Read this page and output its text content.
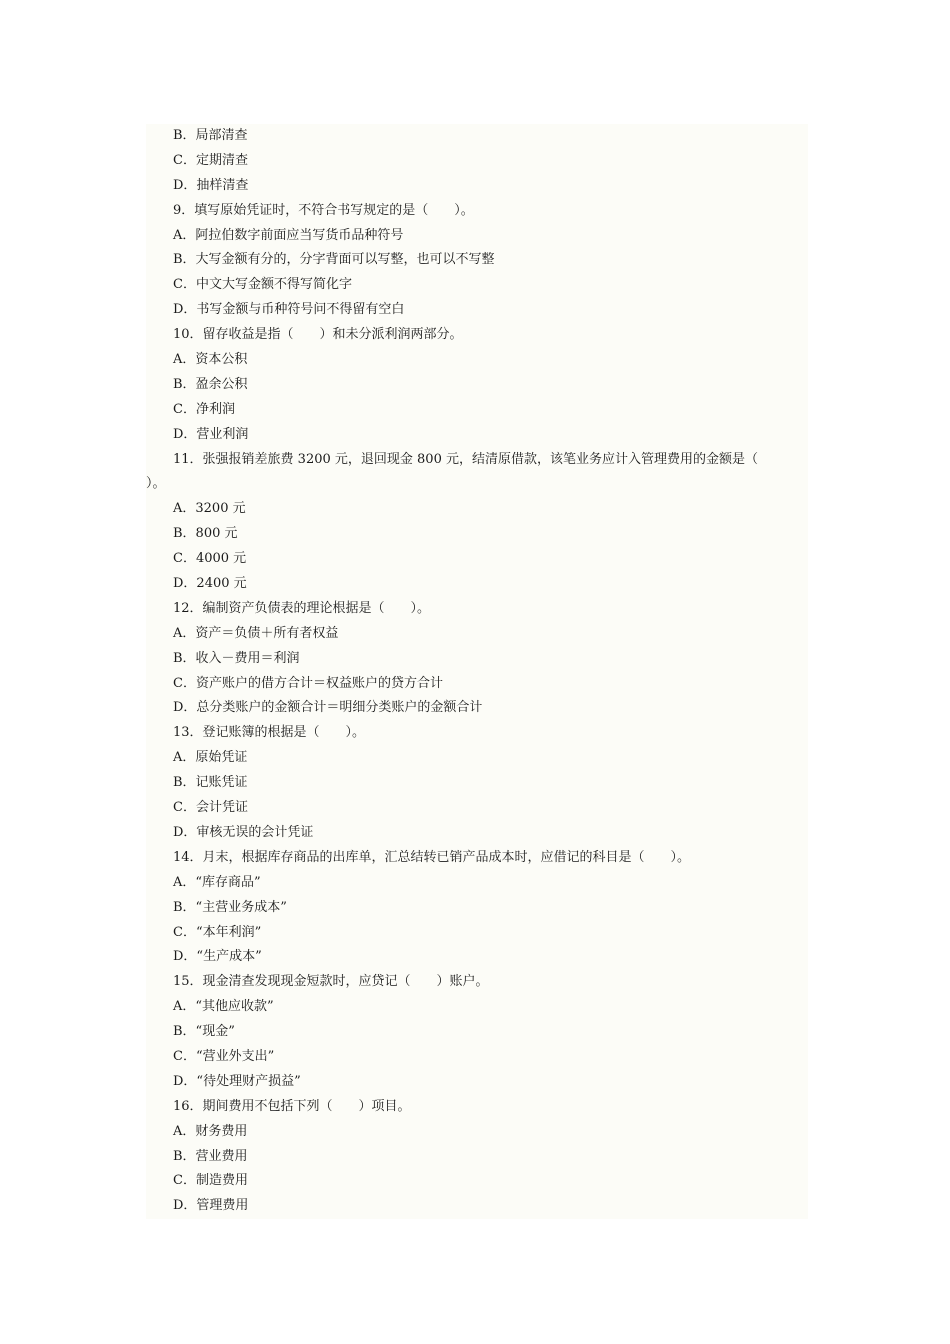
B．局部清查
C．定期清查
D．抽样清查
9．填写原始凭证时，不符合书写规定的是（　　）。
A．阿拉伯数字前面应当写货币品种符号
B．大写金额有分的，分字背面可以写整，也可以不写整
C．中文大写金额不得写简化字
D．书写金额与币种符号问不得留有空白
10．留存收益是指（　　）和未分派利润两部分。
A．资本公积
B．盈余公积
C．净利润
D．营业利润
11．张强报销差旅费 3200 元，退回现金 800 元，结清原借款，该笔业务应计入管理费用的金额是（
）。
A．3200 元
B．800 元
C．4000 元
D．2400 元
12．编制资产负债表的理论根据是（　　）。
A．资产＝负债＋所有者权益
B．收入－费用＝利润
C．资产账户的借方合计＝权益账户的贷方合计
D．总分类账户的金额合计＝明细分类账户的金额合计
13．登记账簿的根据是（　　）。
A．原始凭证
B．记账凭证
C．会计凭证
D．审核无误的会计凭证
14．月末，根据库存商品的出库单，汇总结转已销产品成本时，应借记的科目是（　　）。
A．“库存商品”
B．“主营业务成本”
C．“本年利润”
D．“生产成本”
15．现金清查发现现金短款时，应贷记（　　）账户。
A．“其他应收款”
B．“现金”
C．“营业外支出”
D．“待处理财产损益”
16．期间费用不包括下列（　　）项目。
A．财务费用
B．营业费用
C．制造费用
D．管理费用
